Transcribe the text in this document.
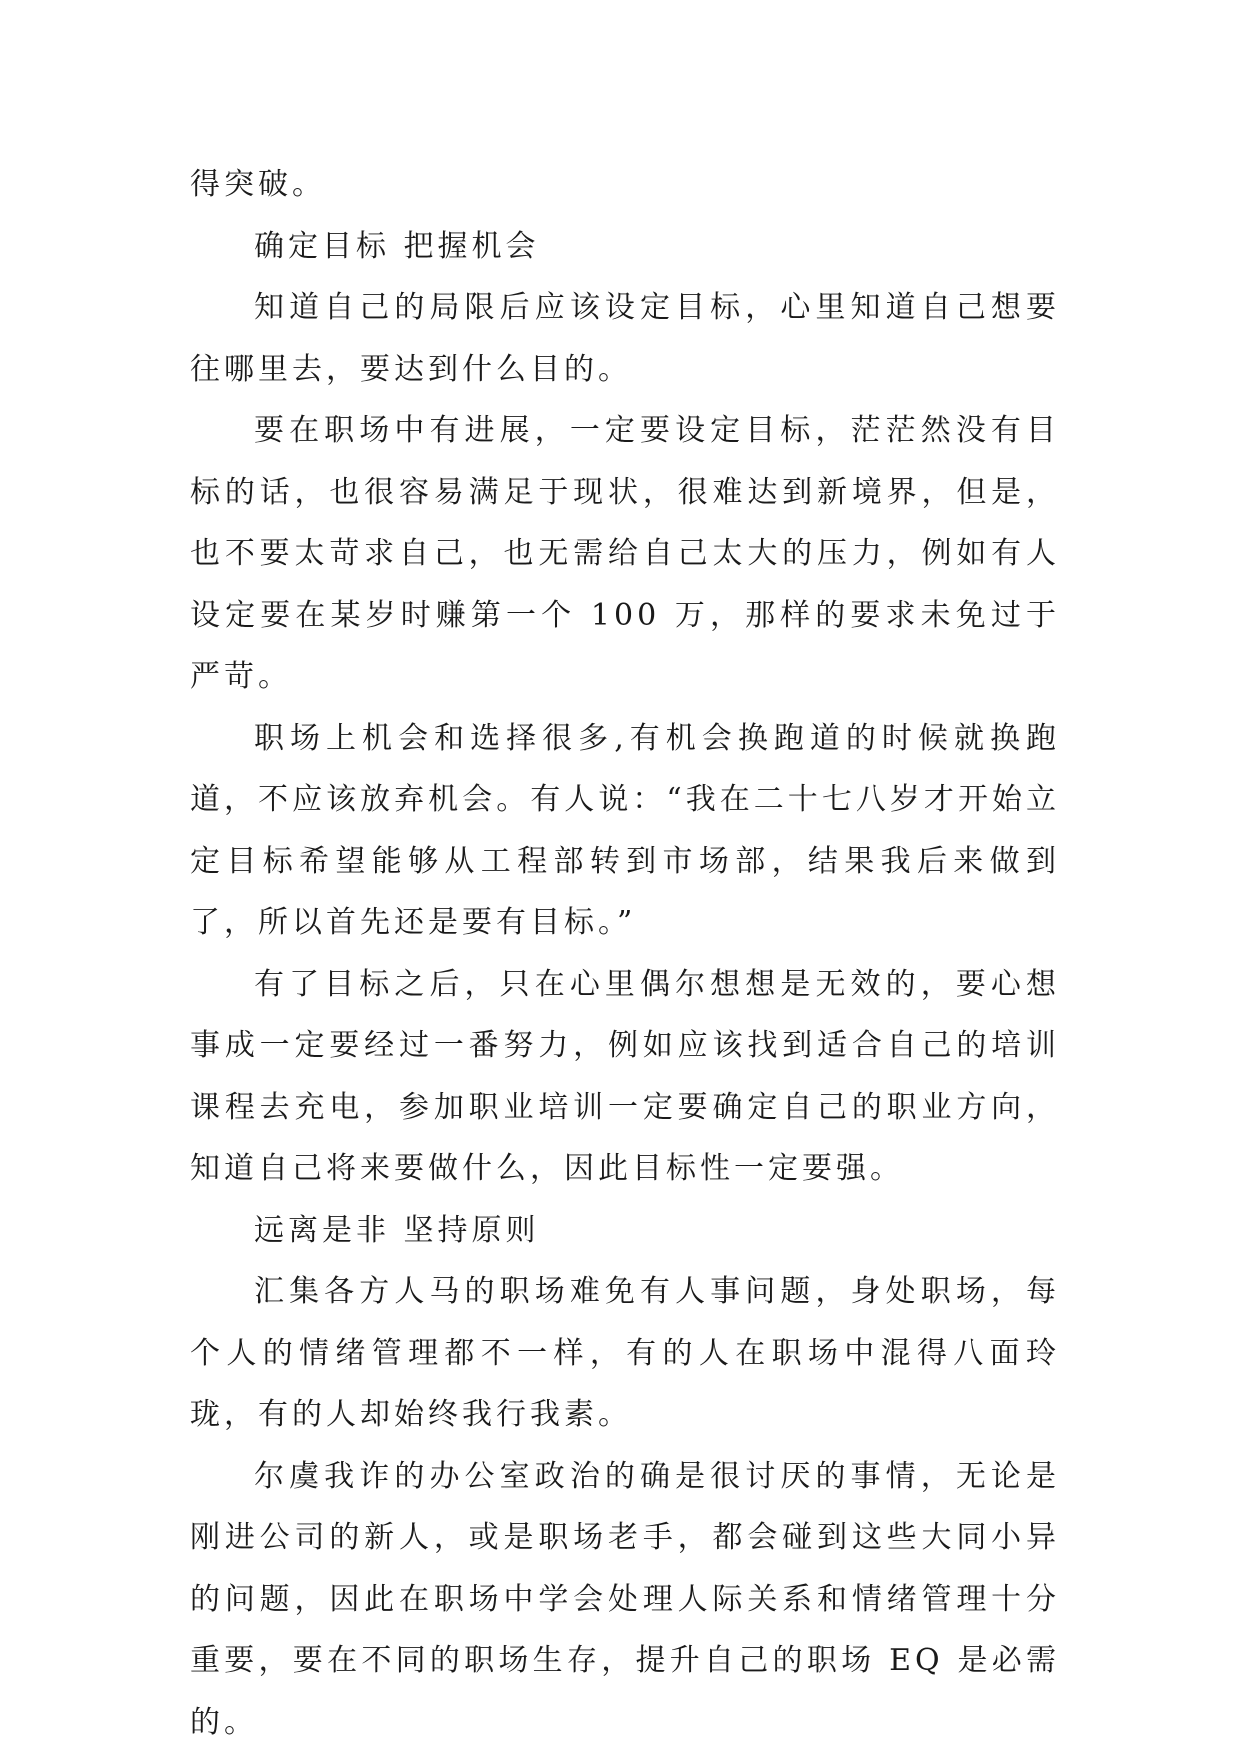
得突破。

确定目标 把握机会

知道自己的局限后应该设定目标，心里知道自己想要往哪里去，要达到什么目的。

要在职场中有进展，一定要设定目标，茫茫然没有目标的话，也很容易满足于现状，很难达到新境界，但是，也不要太苛求自己，也无需给自己太大的压力，例如有人设定要在某岁时赚第一个 100 万，那样的要求未免过于严苛。

职场上机会和选择很多,有机会换跑道的时候就换跑道，不应该放弃机会。有人说：“我在二十七八岁才开始立定目标希望能够从工程部转到市场部，结果我后来做到了，所以首先还是要有目标。”

有了目标之后，只在心里偶尔想想是无效的，要心想事成一定要经过一番努力，例如应该找到适合自己的培训课程去充电，参加职业培训一定要确定自己的职业方向，知道自己将来要做什么，因此目标性一定要强。

远离是非 坚持原则

汇集各方人马的职场难免有人事问题，身处职场，每个人的情绪管理都不一样，有的人在职场中混得八面玲珑，有的人却始终我行我素。

尔虞我诈的办公室政治的确是很讨厌的事情，无论是刚进公司的新人，或是职场老手，都会碰到这些大同小异的问题，因此在职场中学会处理人际关系和情绪管理十分重要，要在不同的职场生存，提升自己的职场 EQ 是必需的。
